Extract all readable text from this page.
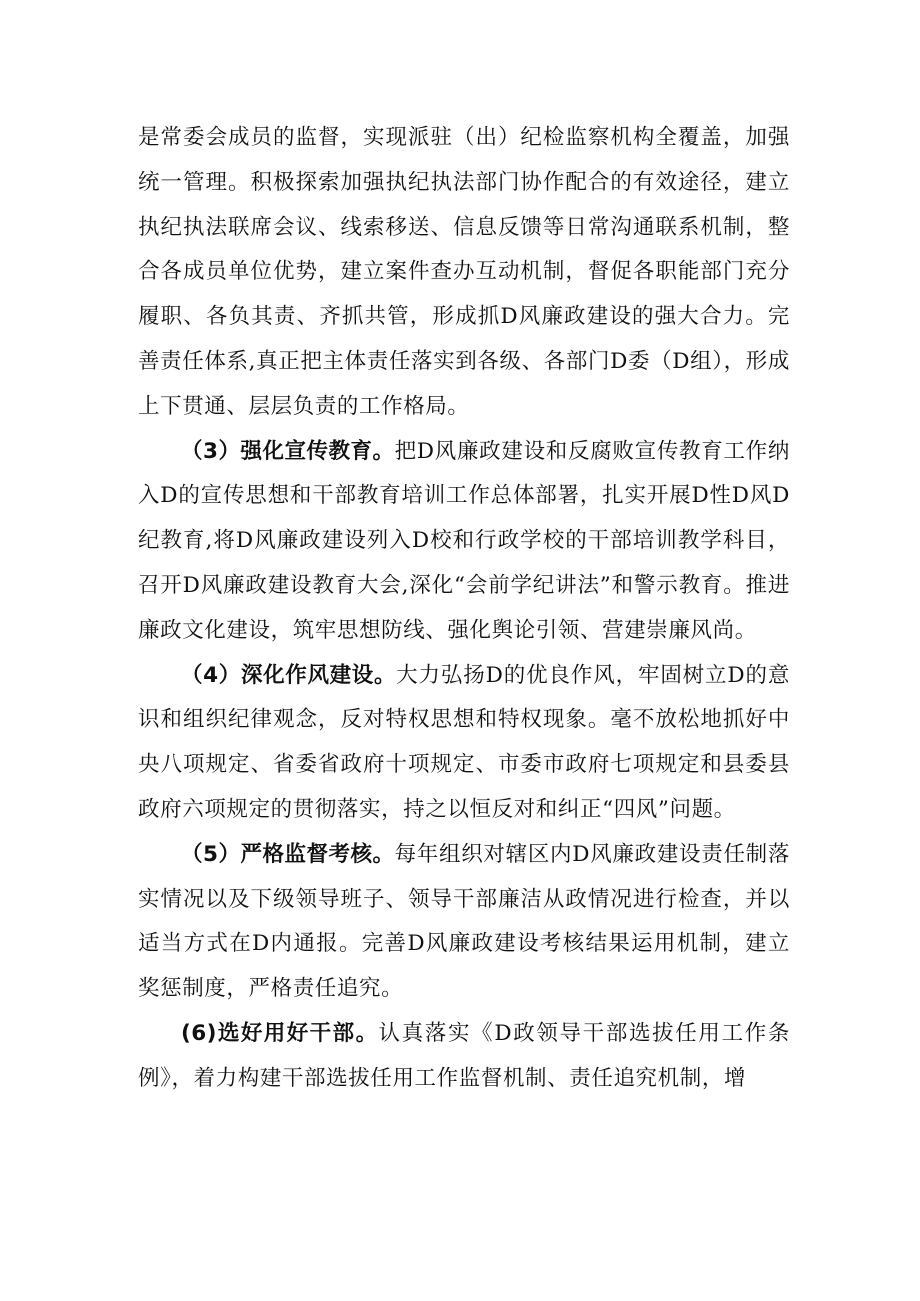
是常委会成员的监督，实现派驻（出）纪检监察机构全覆盖，加强统一管理。积极探索加强执纪执法部门协作配合的有效途径，建立执纪执法联席会议、线索移送、信息反馈等日常沟通联系机制，整合各成员单位优势，建立案件查办互动机制，督促各职能部门充分履职、各负其责、齐抓共管，形成抓D风廉政建设的强大合力。完善责任体系,真正把主体责任落实到各级、各部门D委（D组），形成上下贯通、层层负责的工作格局。

（3）强化宣传教育。把D风廉政建设和反腐败宣传教育工作纳入D的宣传思想和干部教育培训工作总体部署，扎实开展D性D风D纪教育,将D风廉政建设列入D校和行政学校的干部培训教学科目，召开D风廉政建设教育大会,深化“会前学纪讲法”和警示教育。推进廉政文化建设，筑牢思想防线、强化舆论引领、营建崇廉风尚。

（4）深化作风建设。大力弘扬D的优良作风，牢固树立D的意识和组织纪律观念，反对特权思想和特权现象。毫不放松地抓好中央八项规定、省委省政府十项规定、市委市政府七项规定和县委县政府六项规定的贯彻落实，持之以恒反对和纠正“四风”问题。

（5）严格监督考核。每年组织对辖区内D风廉政建设责任制落实情况以及下级领导班子、领导干部廉洁从政情况进行检查，并以适当方式在D内通报。完善D风廉政建设考核结果运用机制，建立奖惩制度，严格责任追究。

(6)选好用好干部。认真落实《D政领导干部选拔任用工作条例》，着力构建干部选拔任用工作监督机制、责任追究机制，增
